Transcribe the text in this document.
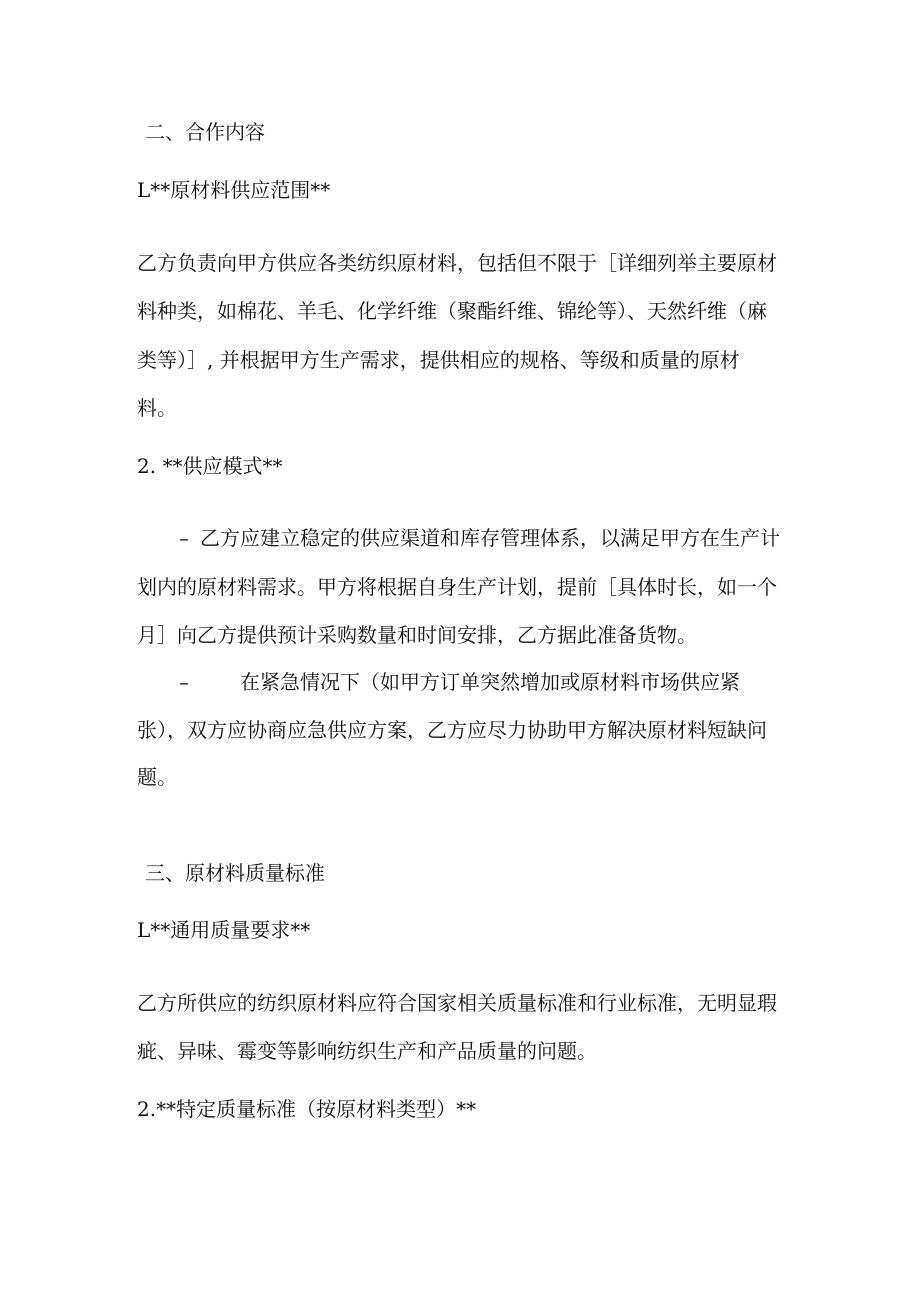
二、合作内容

L**原材料供应范围**

乙方负责向甲方供应各类纺织原材料，包括但不限于［详细列举主要原材

料种类，如棉花、羊毛、化学纤维（聚酯纤维、锦纶等）、天然纤维（麻

类等）］, 并根据甲方生产需求，提供相应的规格、等级和质量的原材

料。

2. **供应模式**

– 乙方应建立稳定的供应渠道和库存管理体系，以满足甲方在生产计

划内的原材料需求。甲方将根据自身生产计划，提前［具体时长，如一个

月］向乙方提供预计采购数量和时间安排，乙方据此准备货物。

–	在紧急情况下（如甲方订单突然增加或原材料市场供应紧

张），双方应协商应急供应方案，乙方应尽力协助甲方解决原材料短缺问

题。

三、原材料质量标准

L**通用质量要求**

乙方所供应的纺织原材料应符合国家相关质量标准和行业标准，无明显瑕

疵、异味、霉变等影响纺织生产和产品质量的问题。

2.**特定质量标准（按原材料类型）**
